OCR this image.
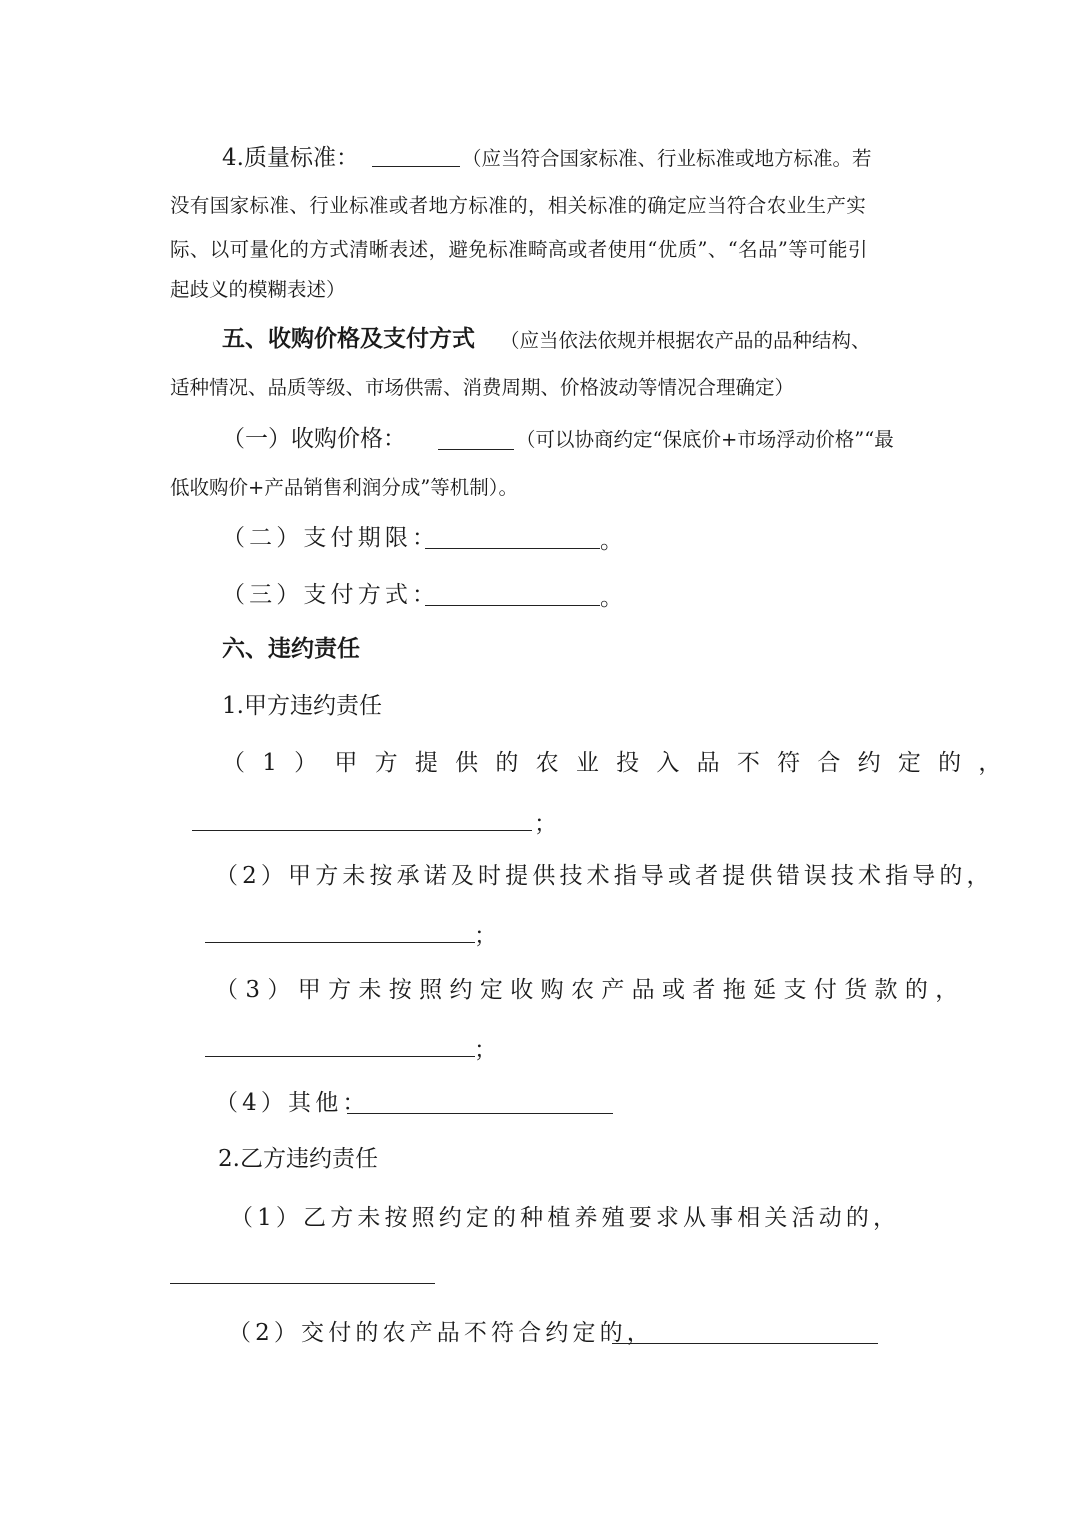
4.质量标准：	（应当符合国家标准、行业标准或地方标准。若
没有国家标准、行业标准或者地方标准的，相关标准的确定应当符合农业生产实
际、以可量化的方式清晰表述，避免标准畸高或者使用“优质”、“名品”等可能引
起歧义的模糊表述）
五、收购价格及支付方式 （应当依法依规并根据农产品的品种结构、
适种情况、品质等级、市场供需、消费周期、价格波动等情况合理确定）
（一）收购价格：	（可以协商约定“保底价+市场浮动价格”“最
低收购价+产品销售利润分成”等机制）。
（二）支付期限：	。
（三）支付方式：	。
六、违约责任
1.甲方违约责任
（1）甲方提供的农业投入品不符合约定的，
；
（2）甲方未按承诺及时提供技术指导或者提供错误技术指导的，
；
（3）甲方未按照约定收购农产品或者拖延支付货款的，
；
（4）其他：
2.乙方违约责任
（1）乙方未按照约定的种植养殖要求从事相关活动的，
（2）交付的农产品不符合约定的，
